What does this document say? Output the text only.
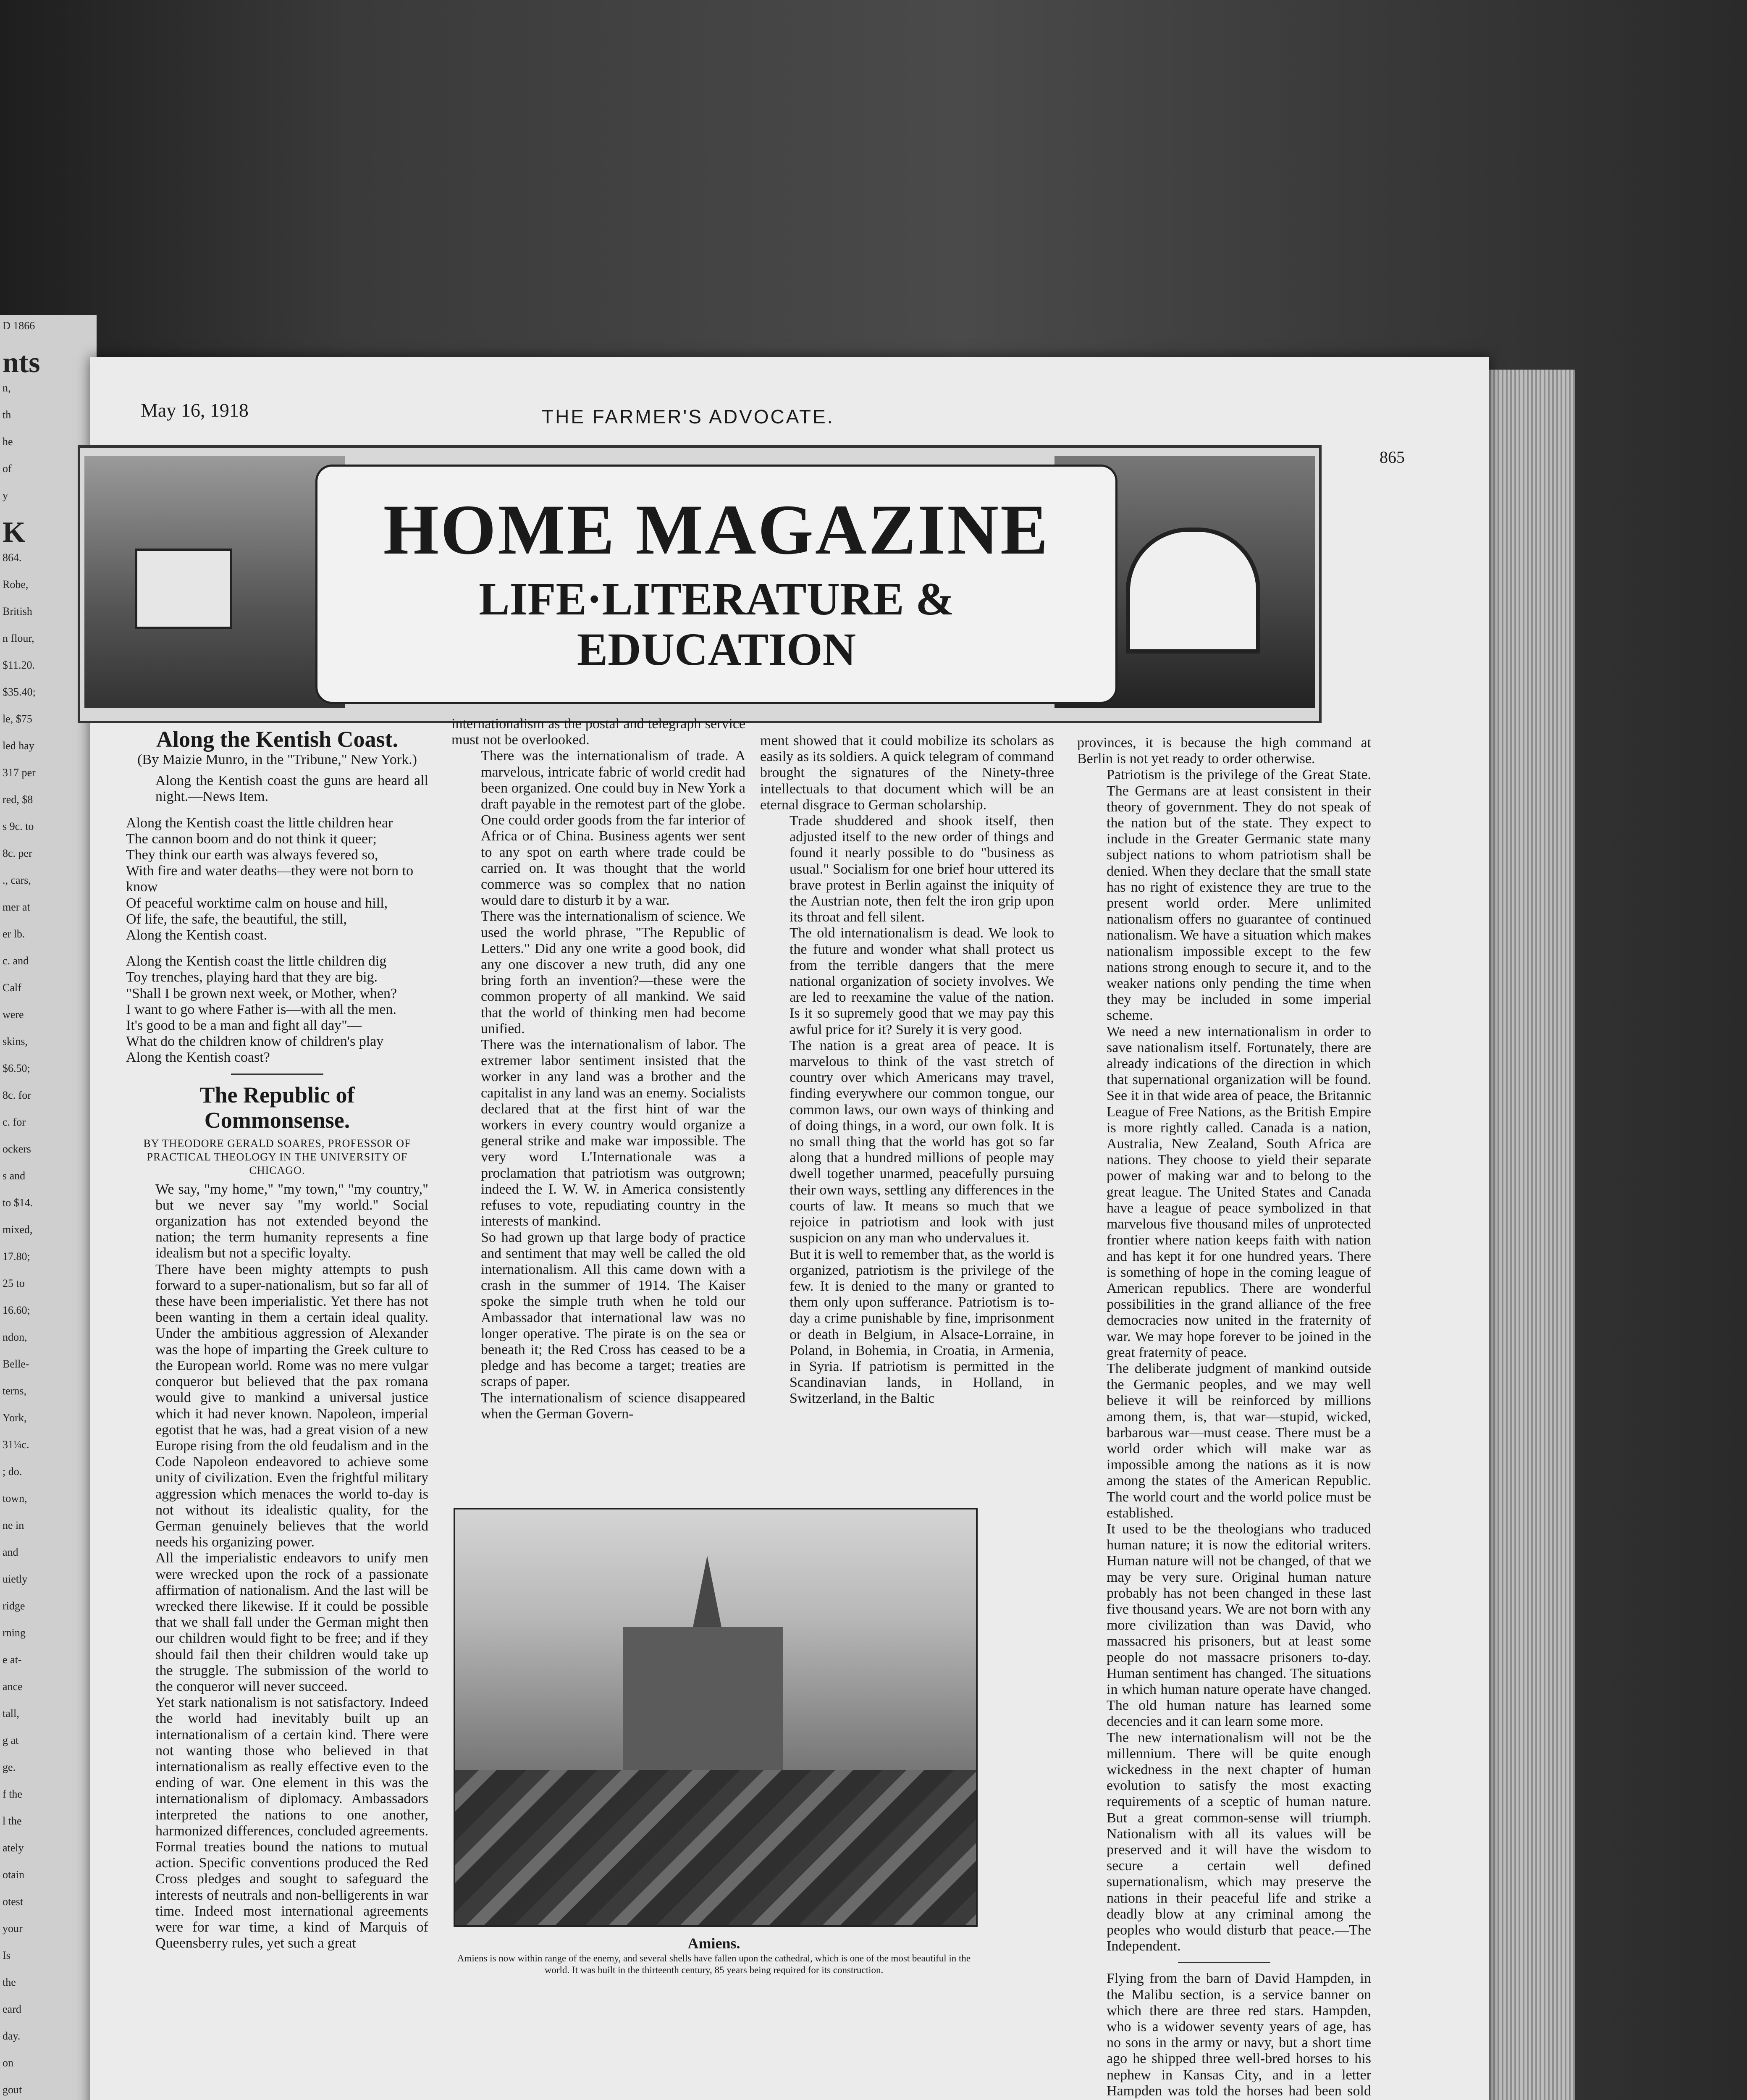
D 1866
nts
n,
th
he
of
y
K
864.
Robe,
British
n flour,
$11.20.
$35.40;
le, $75
led hay
317 per
red, $8
s 9c. to
8c. per
., cars,
mer at
er lb.
c. and
Calf
were
skins,
$6.50;
8c. for
c. for
ockers
s and
to $14.
mixed,
17.80;
25 to
16.60;
ndon,
Belle-
terns,
York,
31¼c.
; do.
town,
ne in
and
uietly
ridge
rning
e at-
ance
tall,
g at
ge.
f the
l the
ately
otain
otest
your
Is
the
eard
day.
on
gout
May 16, 1918	THE FARMER'S ADVOCATE.
865
HOME MAGAZINE
LIFE·LITERATURE &
EDUCATION
Along the Kentish Coast.

(By Maizie Munro, in the "Tribune," New York.)

Along the Kentish coast the guns are heard all night.—News Item.

Along the Kentish coast the little children hear

The cannon boom and do not think it queer;

They think our earth was always fevered so,

With fire and water deaths—they were not born to know

Of peaceful worktime calm on house and hill,

Of life, the safe, the beautiful, the still,

Along the Kentish coast.

Along the Kentish coast the little children dig

Toy trenches, playing hard that they are big.

"Shall I be grown next week, or Mother, when?

I want to go where Father is—with all the men.

It's good to be a man and fight all day"—

What do the children know of children's play

Along the Kentish coast?

The Republic of Commonsense.

BY THEODORE GERALD SOARES, PROFESSOR OF PRACTICAL THEOLOGY IN THE UNIVERSITY OF CHICAGO.

We say, "my home," "my town," "my country," but we never say "my world." Social organization has not extended beyond the nation; the term humanity represents a fine idealism but not a specific loyalty.

There have been mighty attempts to push forward to a super-nationalism, but so far all of these have been imperialistic. Yet there has not been wanting in them a certain ideal quality. Under the ambitious aggression of Alexander was the hope of imparting the Greek culture to the European world. Rome was no mere vulgar conqueror but believed that the pax romana would give to mankind a universal justice which it had never known. Napoleon, imperial egotist that he was, had a great vision of a new Europe rising from the old feudalism and in the Code Napoleon endeavored to achieve some unity of civilization. Even the frightful military aggression which menaces the world to-day is not without its idealistic quality, for the German genuinely believes that the world needs his organizing power.

All the imperialistic endeavors to unify men were wrecked upon the rock of a passionate affirmation of nationalism. And the last will be wrecked there likewise. If it could be possible that we shall fall under the German might then our children would fight to be free; and if they should fail then their children would take up the struggle. The submission of the world to the conqueror will never succeed.

Yet stark nationalism is not satisfactory. Indeed the world had inevitably built up an internationalism of a certain kind. There were not wanting those who believed in that internationalism as really effective even to the ending of war. One element in this was the internationalism of diplomacy. Ambassadors interpreted the nations to one another, harmonized differences, concluded agreements. Formal treaties bound the nations to mutual action. Specific conventions produced the Red Cross pledges and sought to safeguard the interests of neutrals and non-belligerents in war time. Indeed most international agreements were for war time, a kind of Marquis of Queensberry rules, yet such a great

internationalism as the postal and telegraph service must not be overlooked.

There was the internationalism of trade. A marvelous, intricate fabric of world credit had been organized. One could buy in New York a draft payable in the remotest part of the globe. One could order goods from the far interior of Africa or of China. Business agents wer sent to any spot on earth where trade could be carried on. It was thought that the world commerce was so complex that no nation would dare to disturb it by a war.

There was the internationalism of science. We used the world phrase, "The Republic of Letters." Did any one write a good book, did any one discover a new truth, did any one bring forth an invention?—these were the common property of all mankind. We said that the world of thinking men had become unified.

There was the internationalism of labor. The extremer labor sentiment insisted that the worker in any land was a brother and the capitalist in any land was an enemy. Socialists declared that at the first hint of war the workers in every country would organize a general strike and make war impossible. The very word L'Internationale was a proclamation that patriotism was outgrown; indeed the I. W. W. in America consistently refuses to vote, repudiating country in the interests of mankind.

So had grown up that large body of practice and sentiment that may well be called the old internationalism. All this came down with a crash in the summer of 1914. The Kaiser spoke the simple truth when he told our Ambassador that international law was no longer operative. The pirate is on the sea or beneath it; the Red Cross has ceased to be a pledge and has become a target; treaties are scraps of paper.

The internationalism of science disappeared when the German Govern-

ment showed that it could mobilize its scholars as easily as its soldiers. A quick telegram of command brought the signatures of the Ninety-three intellectuals to that document which will be an eternal disgrace to German scholarship.

Trade shuddered and shook itself, then adjusted itself to the new order of things and found it nearly possible to do "business as usual." Socialism for one brief hour uttered its brave protest in Berlin against the iniquity of the Austrian note, then felt the iron grip upon its throat and fell silent.

The old internationalism is dead. We look to the future and wonder what shall protect us from the terrible dangers that the mere national organization of society involves. We are led to reexamine the value of the nation. Is it so supremely good that we may pay this awful price for it? Surely it is very good.

The nation is a great area of peace. It is marvelous to think of the vast stretch of country over which Americans may travel, finding everywhere our common tongue, our common laws, our own ways of thinking and of doing things, in a word, our own folk. It is no small thing that the world has got so far along that a hundred millions of people may dwell together unarmed, peacefully pursuing their own ways, settling any differences in the courts of law. It means so much that we rejoice in patriotism and look with just suspicion on any man who undervalues it.

But it is well to remember that, as the world is organized, patriotism is the privilege of the few. It is denied to the many or granted to them only upon sufferance. Patriotism is to-day a crime punishable by fine, imprisonment or death in Belgium, in Alsace-Lorraine, in Poland, in Bohemia, in Croatia, in Armenia, in Syria. If patriotism is permitted in the Scandinavian lands, in Holland, in Switzerland, in the Baltic

provinces, it is because the high command at Berlin is not yet ready to order otherwise.

Patriotism is the privilege of the Great State. The Germans are at least consistent in their theory of government. They do not speak of the nation but of the state. They expect to include in the Greater Germanic state many subject nations to whom patriotism shall be denied. When they declare that the small state has no right of existence they are true to the present world order. Mere unlimited nationalism offers no guarantee of continued nationalism. We have a situation which makes nationalism impossible except to the few nations strong enough to secure it, and to the weaker nations only pending the time when they may be included in some imperial scheme.

We need a new internationalism in order to save nationalism itself. Fortunately, there are already indications of the direction in which that supernational organization will be found. See it in that wide area of peace, the Britannic League of Free Nations, as the British Empire is more rightly called. Canada is a nation, Australia, New Zealand, South Africa are nations. They choose to yield their separate power of making war and to belong to the great league. The United States and Canada have a league of peace symbolized in that marvelous five thousand miles of unprotected frontier where nation keeps faith with nation and has kept it for one hundred years. There is something of hope in the coming league of American republics. There are wonderful possibilities in the grand alliance of the free democracies now united in the fraternity of war. We may hope forever to be joined in the great fraternity of peace.

The deliberate judgment of mankind outside the Germanic peoples, and we may well believe it will be reinforced by millions among them, is, that war—stupid, wicked, barbarous war—must cease. There must be a world order which will make war as impossible among the nations as it is now among the states of the American Republic. The world court and the world police must be established.

It used to be the theologians who traduced human nature; it is now the editorial writers. Human nature will not be changed, of that we may be very sure. Original human nature probably has not been changed in these last five thousand years. We are not born with any more civilization than was David, who massacred his prisoners, but at least some people do not massacre prisoners to-day. Human sentiment has changed. The situations in which human nature operate have changed. The old human nature has learned some decencies and it can learn some more.

The new internationalism will not be the millennium. There will be quite enough wickedness in the next chapter of human evolution to satisfy the most exacting requirements of a sceptic of human nature. But a great common-sense will triumph. Nationalism with all its values will be preserved and it will have the wisdom to secure a certain well defined supernationalism, which may preserve the nations in their peaceful life and strike a deadly blow at any criminal among the peoples who would disturb that peace.—The Independent.

Flying from the barn of David Hampden, in the Malibu section, is a service banner on which there are three red stars. Hampden, who is a widower seventy years of age, has no sons in the army or navy, but a short time ago he shipped three well-bred horses to his nephew in Kansas City, and in a letter Hampden was told the horses had been sold

Amiens.
Amiens is now within range of the enemy, and several shells have fallen upon the cathedral, which is one of the most beautiful in the world. It was built in the thirteenth century, 85 years being required for its construction.
